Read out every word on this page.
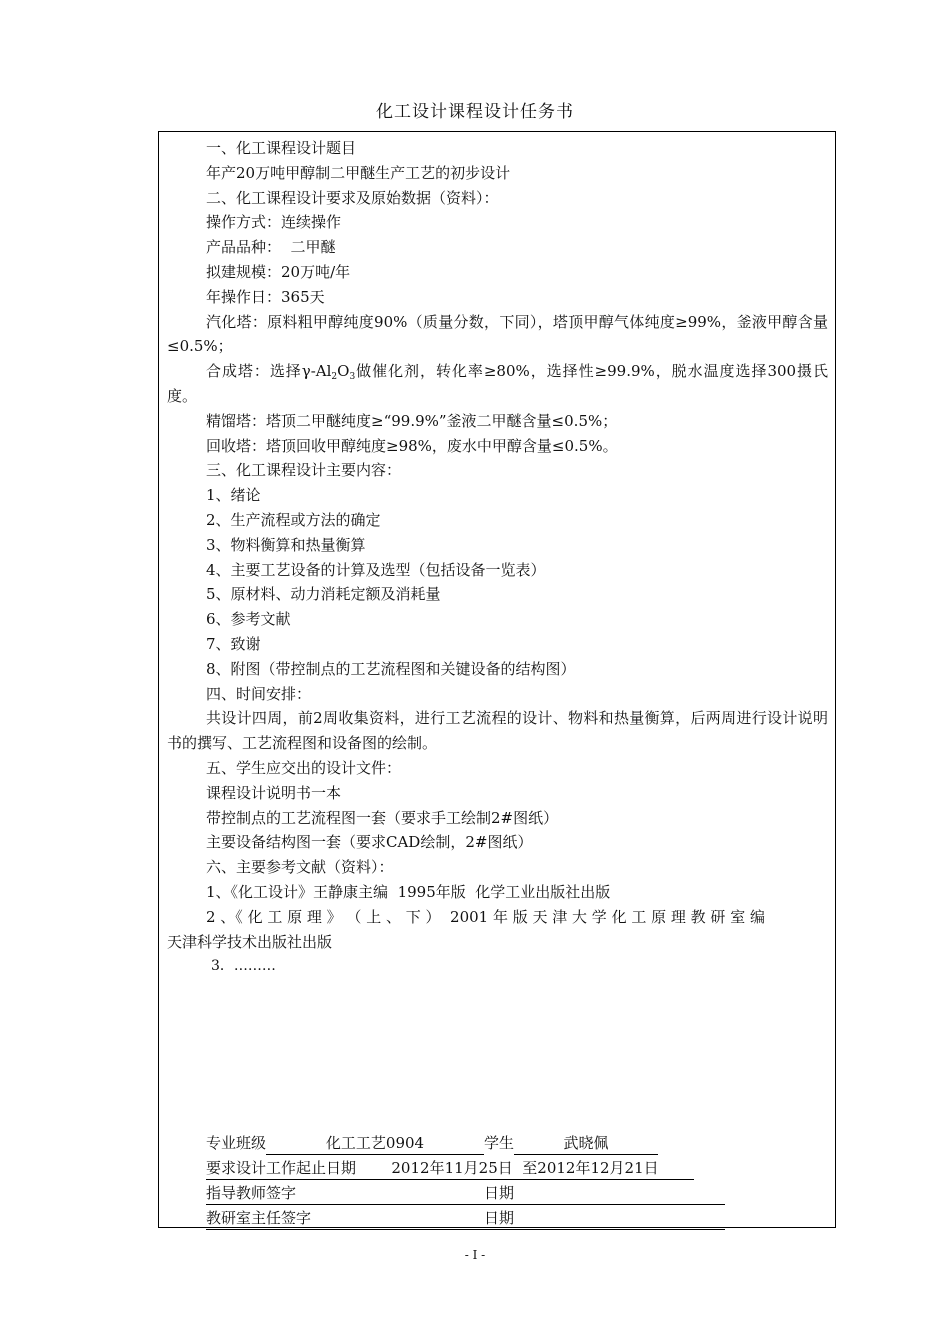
化工设计课程设计任务书
一、化工课程设计题目
年产20万吨甲醇制二甲醚生产工艺的初步设计
二、化工课程设计要求及原始数据（资料）：
操作方式：连续操作
产品品种：  二甲醚
拟建规模：20万吨/年
年操作日：365天
汽化塔：原料粗甲醇纯度90%（质量分数，下同），塔顶甲醇气体纯度≥99%，釜液甲醇含量≤0.5%；
合成塔：选择$\gamma-Al_2O_3$做催化剂，转化率≥80%，选择性≥99.9%，脱水温度选择300摄氏度。
精馏塔：塔顶二甲醚纯度≥“99.9%”釜液二甲醚含量≤0.5%；
回收塔：塔顶回收甲醇纯度≥98%，废水中甲醇含量≤0.5%。
三、化工课程设计主要内容：
1、绪论
2、生产流程或方法的确定
3、物料衡算和热量衡算
4、主要工艺设备的计算及选型（包括设备一览表）
5、原材料、动力消耗定额及消耗量
6、参考文献
7、致谢
8、附图（带控制点的工艺流程图和关键设备的结构图）
四、时间安排：
共设计四周，前2周收集资料，进行工艺流程的设计、物料和热量衡算，后两周进行设计说明书的撰写、工艺流程图和设备图的绘制。
五、学生应交出的设计文件：
课程设计说明书一本
带控制点的工艺流程图一套（要求手工绘制2#图纸）
主要设备结构图一套（要求CAD绘制，2#图纸）
六、主要参考文献（资料）：
1、《化工设计》王静康主编  1995年版  化学工业出版社出版
2 、《 化 工 原 理 》 （ 上 、 下 ）  2001 年 版 天 津 大 学 化 工 原 理 教 研 室 编
天津科学技术出版社出版
3．………
专业班级	化工工艺0904	学生	武晓佩
要求设计工作起止日期 2012年11月25日  至2012年12月21日
指导教师签字	日期
教研室主任签字	日期
- I -
